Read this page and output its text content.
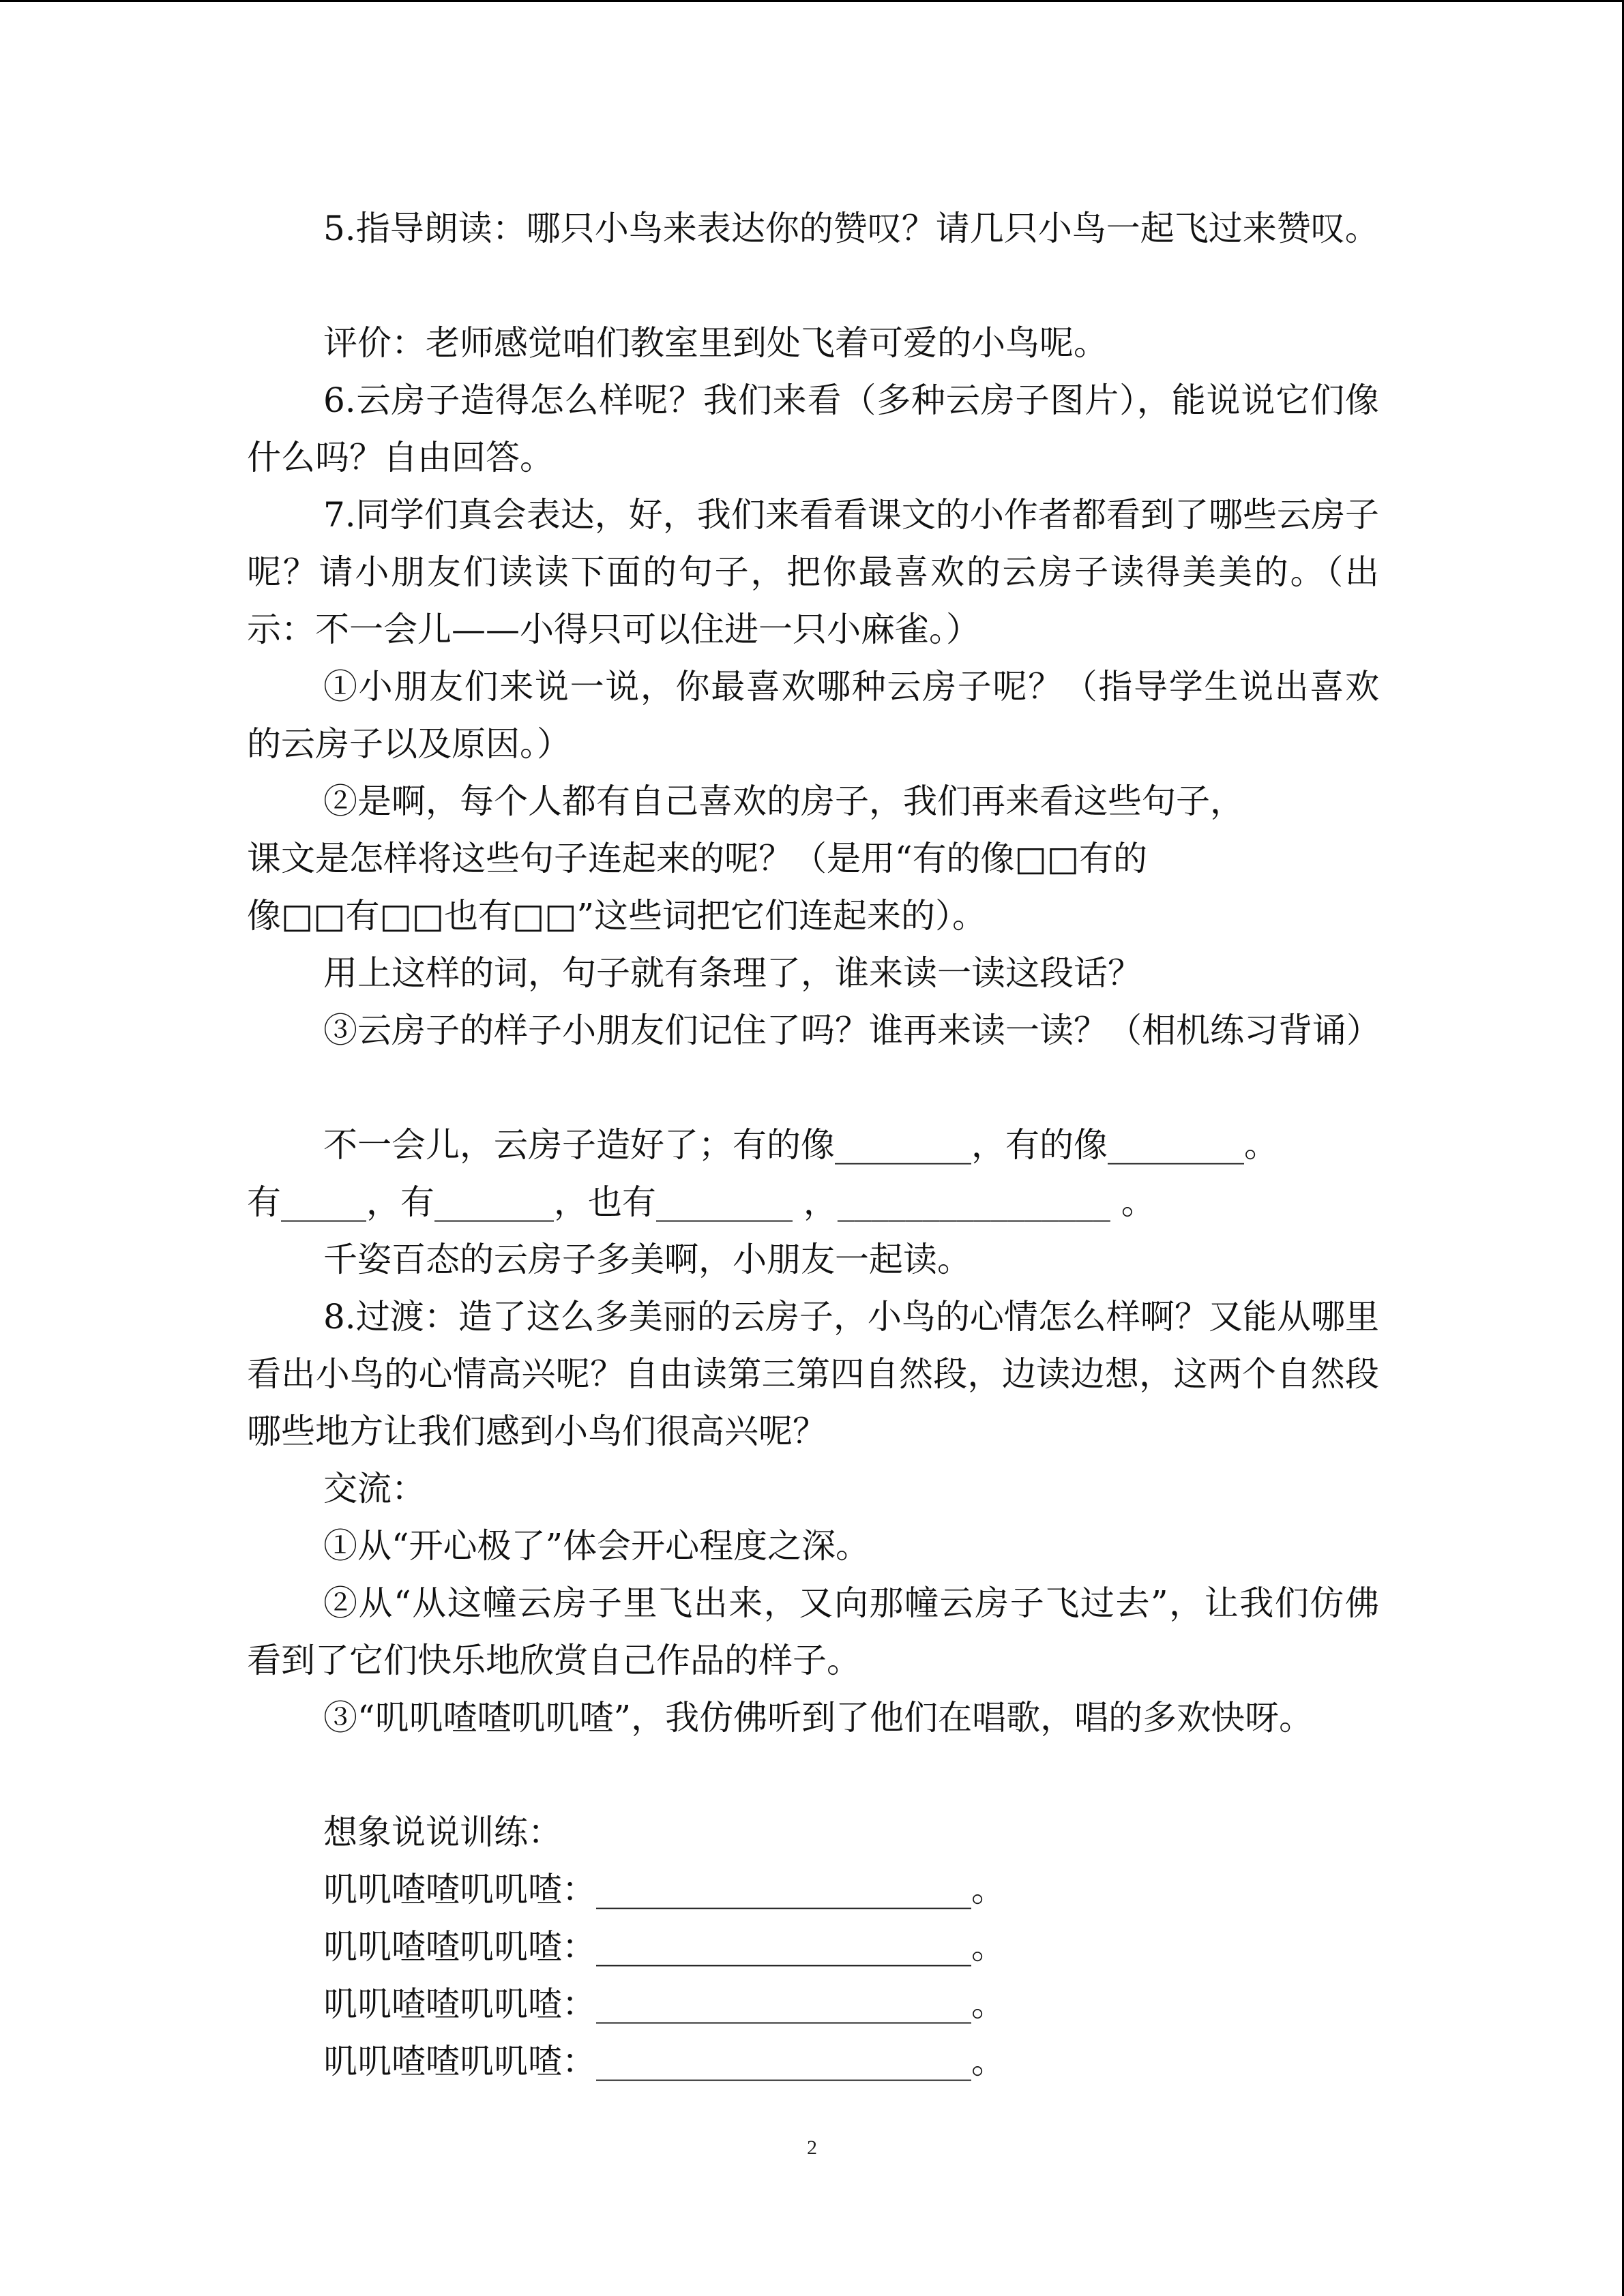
5.指导朗读：哪只小鸟来表达你的赞叹？请几只小鸟一起飞过来赞叹。

评价：老师感觉咱们教室里到处飞着可爱的小鸟呢。

6.云房子造得怎么样呢？我们来看（多种云房子图片），能说说它们像什么吗？自由回答。

7.同学们真会表达，好，我们来看看课文的小作者都看到了哪些云房子呢？请小朋友们读读下面的句子，把你最喜欢的云房子读得美美的。（出示：不一会儿——小得只可以住进一只小麻雀。）

①小朋友们来说一说，你最喜欢哪种云房子呢？（指导学生说出喜欢的云房子以及原因。）

②是啊，每个人都有自己喜欢的房子，我们再来看这些句子，

课文是怎样将这些句子连起来的呢？（是用“有的像□□有的

像□□有□□也有□□”这些词把它们连起来的）。

用上这样的词，句子就有条理了，谁来读一读这段话？

③云房子的样子小朋友们记住了吗？谁再来读一读？（相机练习背诵）

不一会儿，云房子造好了；有的像________，有的像________。

有_____，有_______，也有________ ，________________ 。

千姿百态的云房子多美啊，小朋友一起读。

8.过渡：造了这么多美丽的云房子，小鸟的心情怎么样啊？又能从哪里看出小鸟的心情高兴呢？自由读第三第四自然段，边读边想，这两个自然段哪些地方让我们感到小鸟们很高兴呢？

交流：

①从“开心极了”体会开心程度之深。

②从“从这幢云房子里飞出来，又向那幢云房子飞过去”，让我们仿佛看到了它们快乐地欣赏自己作品的样子。

③“叽叽喳喳叽叽喳”，我仿佛听到了他们在唱歌，唱的多欢快呀。

想象说说训练：

叽叽喳喳叽叽喳：______________________。

叽叽喳喳叽叽喳：______________________。

叽叽喳喳叽叽喳：______________________。

叽叽喳喳叽叽喳：______________________。

2
